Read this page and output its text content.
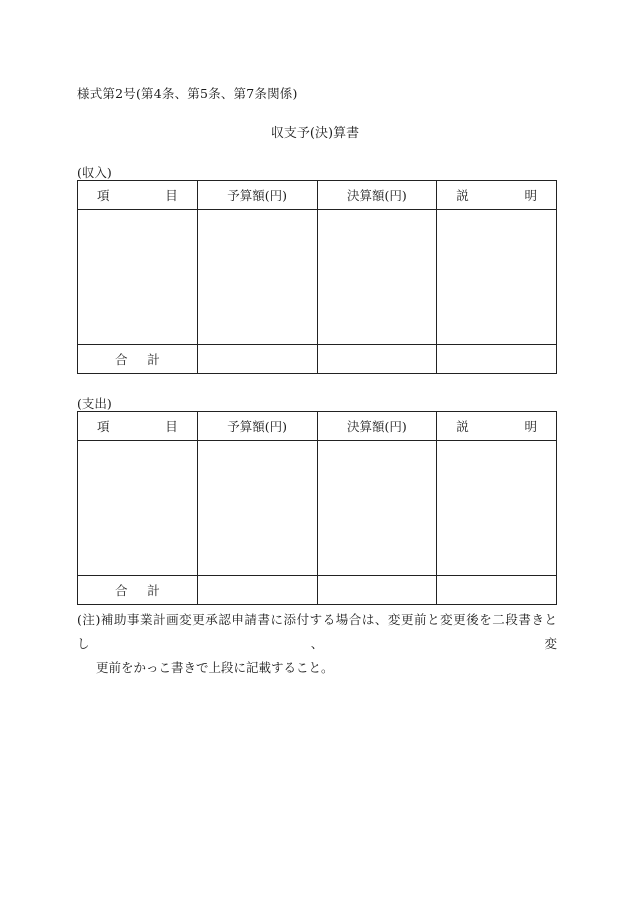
様式第2号(第4条、第5条、第7条関係)
収支予(決)算書
(収入)
項 目	予算額(円)	決算額(円)	説 明

合 計			

(支出)
項 目	予算額(円)	決算額(円)	説 明

合 計			

(注)補助事業計画変更承認申請書に添付する場合は、変更前と変更後を二段書きとし、変
更前をかっこ書きで上段に記載すること。
